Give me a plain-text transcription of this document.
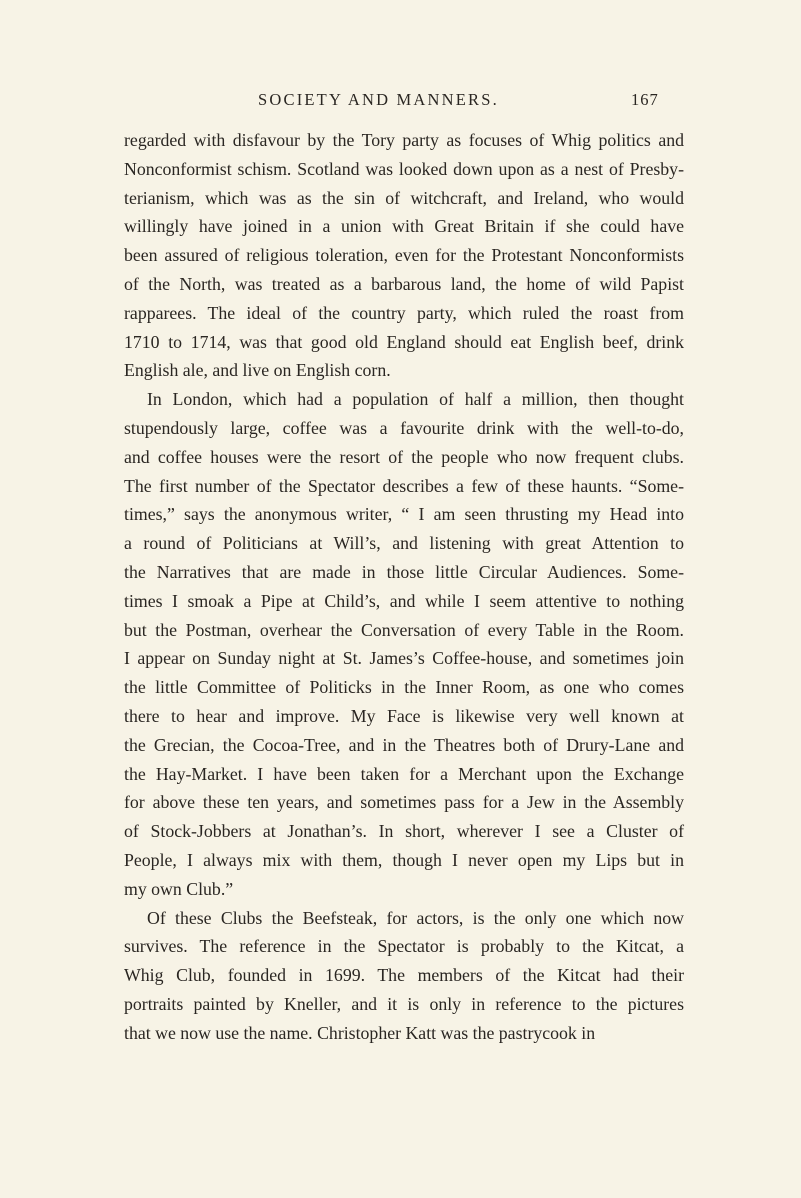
SOCIETY AND MANNERS.	167
regarded with disfavour by the Tory party as focuses of Whig politics and
Nonconformist schism. Scotland was looked down upon as a nest of Presby-
terianism, which was as the sin of witchcraft, and Ireland, who would
willingly have joined in a union with Great Britain if she could have
been assured of religious toleration, even for the Protestant Nonconformists
of the North, was treated as a barbarous land, the home of wild Papist
rapparees. The ideal of the country party, which ruled the roast from
1710 to 1714, was that good old England should eat English beef, drink
English ale, and live on English corn.
In London, which had a population of half a million, then thought
stupendously large, coffee was a favourite drink with the well-to-do,
and coffee houses were the resort of the people who now frequent clubs.
The first number of the Spectator describes a few of these haunts. “Some-
times,” says the anonymous writer, “ I am seen thrusting my Head into
a round of Politicians at Will’s, and listening with great Attention to
the Narratives that are made in those little Circular Audiences. Some-
times I smoak a Pipe at Child’s, and while I seem attentive to nothing
but the Postman, overhear the Conversation of every Table in the Room.
I appear on Sunday night at St. James’s Coffee-house, and sometimes join
the little Committee of Politicks in the Inner Room, as one who comes
there to hear and improve. My Face is likewise very well known at
the Grecian, the Cocoa-Tree, and in the Theatres both of Drury-Lane and
the Hay-Market. I have been taken for a Merchant upon the Exchange
for above these ten years, and sometimes pass for a Jew in the Assembly
of Stock-Jobbers at Jonathan’s. In short, wherever I see a Cluster of
People, I always mix with them, though I never open my Lips but in
my own Club.”
Of these Clubs the Beefsteak, for actors, is the only one which now
survives. The reference in the Spectator is probably to the Kitcat, a
Whig Club, founded in 1699. The members of the Kitcat had their
portraits painted by Kneller, and it is only in reference to the pictures
that we now use the name. Christopher Katt was the pastrycook in
